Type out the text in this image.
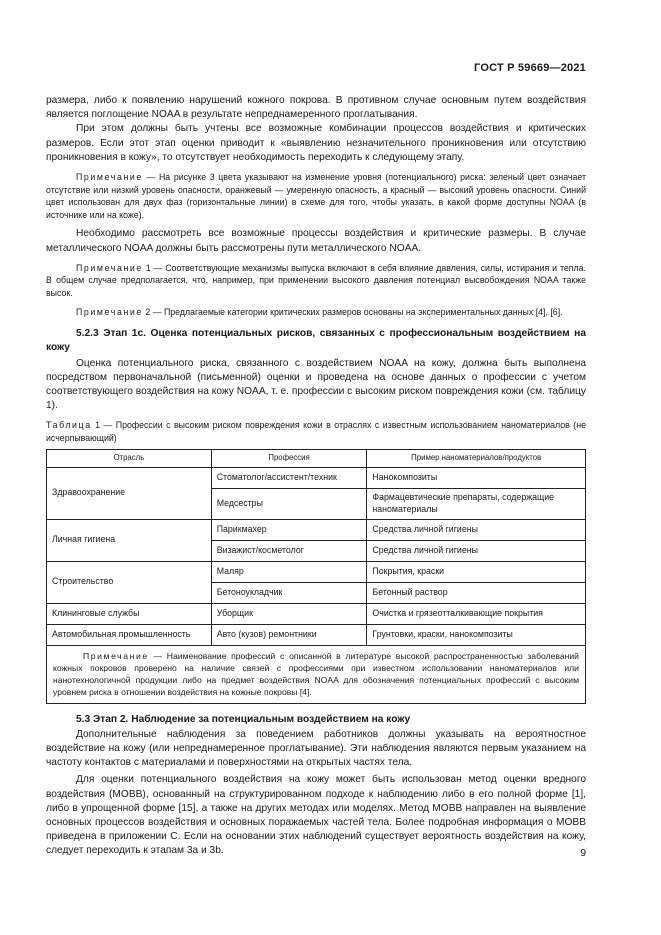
ГОСТ Р 59669—2021

размера, либо к появлению нарушений кожного покрова. В противном случае основным путем воздействия является поглощение NOAA в результате непреднамеренного проглатывания.

При этом должны быть учтены все возможные комбинации процессов воздействия и критических размеров. Если этот этап оценки приводит к «выявлению незначительного проникновения или отсутствию проникновения в кожу», то отсутствует необходимость переходить к следующему этапу.

Примечание — На рисунке 3 цвета указывают на изменение уровня (потенциального) риска: зеленый цвет означает отсутствие или низкий уровень опасности, оранжевый — умеренную опасность, а красный — высокий уровень опасности. Синий цвет использован для двух фаз (горизонтальные линии) в схеме для того, чтобы указать, в какой форме доступны NOAA (в источнике или на коже).

Необходимо рассмотреть все возможные процессы воздействия и критические размеры. В случае металлического NOAA должны быть рассмотрены пути металлического NOAA.

Примечание 1 — Соответствующие механизмы выпуска включают в себя влияние давления, силы, истирания и тепла. В общем случае предполагается, что, например, при применении высокого давления потенциал высвобождения NOAA также высок.

Примечание 2 — Предлагаемые категории критических размеров основаны на экспериментальных данных [4], [6].

5.2.3 Этап 1с. Оценка потенциальных рисков, связанных с профессиональным воздействием на кожу

Оценка потенциального риска, связанного с воздействием NOAA на кожу, должна быть выполнена посредством первоначальной (письменной) оценки и проведена на основе данных о профессии с учетом соответствующего воздействия на кожу NOAA, т. е. профессии с высоким риском повреждения кожи (см. таблицу 1).

Таблица 1 — Профессии с высоким риском повреждения кожи в отраслях с известным использованием наноматериалов (не исчерпывающий)

Отрасль	Профессия	Пример наноматериалов/продуктов
Здравоохранение	Стоматолог/ассистент/техник	Нанокомпозиты
	Медсестры	Фармацевтические препараты, содержащие наноматериалы
Личная гигиена	Парикмахер	Средства личной гигиены
	Визажист/косметолог	Средства личной гигиены
Строительство	Маляр	Покрытия, краски
	Бетоноукладчик	Бетонный раствор
Клининговые службы	Уборщик	Очистка и грязеотталкивающие покрытия
Автомобильная промышленность	Авто (кузов) ремонтники	Грунтовки, краски, нанокомпозиты
Примечание — Наименование профессий с описанной в литературе высокой распространенностью заболеваний кожных покровов проверено на наличие связей с профессиями при известном использовании наноматериалов или нанотехнологичной продукции либо на предмет воздействия NOAA для обозначения потенциальных профессий с высоким уровнем риска в отношении воздействия на кожные покровы [4].		
5.3 Этап 2. Наблюдение за потенциальным воздействием на кожу

Дополнительные наблюдения за поведением работников должны указывать на вероятностное воздействие на кожу (или непреднамеренное проглатывание). Эти наблюдения являются первым указанием на частоту контактов с материалами и поверхностями на открытых частях тела.

Для оценки потенциального воздействия на кожу может быть использован метод оценки вредного воздействия (МОВВ), основанный на структурированном подходе к наблюдению либо в его полной форме [1], либо в упрощенной форме [15], а также на других методах или моделях. Метод МОВВ направлен на выявление основных процессов воздействия и основных поражаемых частей тела. Более подробная информация о МОВВ приведена в приложении С. Если на основании этих наблюдений существует вероятность воздействия на кожу, следует переходить к этапам 3а и 3b.	9
